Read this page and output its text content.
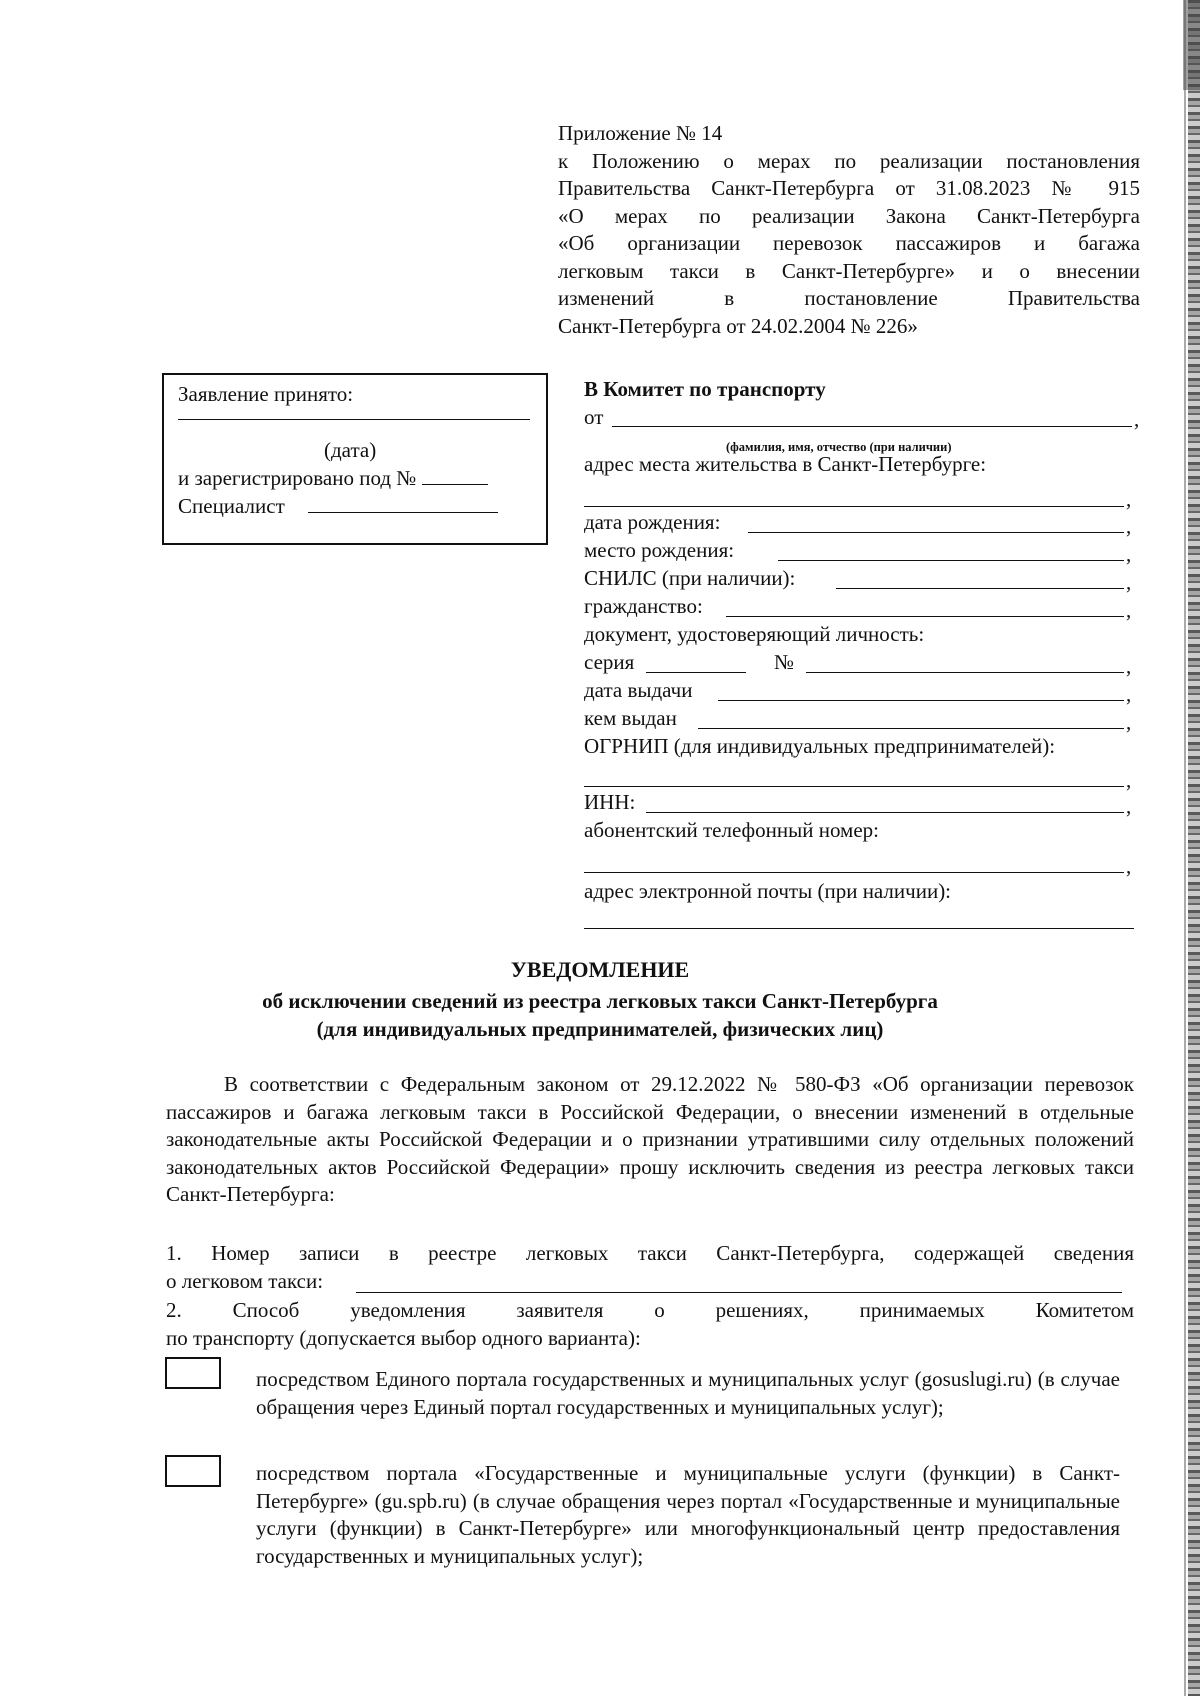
Приложение № 14

к Положению о мерах по реализации постановления

Правительства Санкт-Петербурга от 31.08.2023 № 915

«О мерах по реализации Закона Санкт-Петербурга

«Об организации перевозок пассажиров и багажа

легковым такси в Санкт-Петербурге» и о внесении

изменений в постановление Правительства

Санкт-Петербурга от 24.02.2004 № 226»

Заявление принято:
(дата)
и зарегистрировано под №
Специалист
В Комитет по транспорту
от	,
(фамилия, имя, отчество (при наличии)
адрес места жительства в Санкт-Петербурге:
,
дата рождения:	,
место рождения:	,
СНИЛС (при наличии):	,
гражданство:	,
документ, удостоверяющий личность:
серия	№	,
дата выдачи	,
кем выдан	,
ОГРНИП (для индивидуальных предпринимателей):
,
ИНН:	,
абонентский телефонный номер:
,
адрес электронной почты (при наличии):
УВЕДОМЛЕНИЕ
об исключении сведений из реестра легковых такси Санкт-Петербурга
(для индивидуальных предпринимателей, физических лиц)

В соответствии с Федеральным законом от 29.12.2022 № 580-ФЗ «Об организации перевозок пассажиров и багажа легковым такси в Российской Федерации, о внесении изменений в отдельные законодательные акты Российской Федерации и о признании утратившими силу отдельных положений законодательных актов Российской Федерации» прошу исключить сведения из реестра легковых такси Санкт-Петербурга:

1. Номер записи в реестре легковых такси Санкт-Петербурга, содержащей сведения

о легковом такси:

2. Способ уведомления заявителя о решениях, принимаемых Комитетом

по транспорту (допускается выбор одного варианта):

посредством Единого портала государственных и муниципальных услуг (gosuslugi.ru) (в случае обращения через Единый портал государственных и муниципальных услуг);

посредством портала «Государственные и муниципальные услуги (функции) в Санкт-Петербурге» (gu.spb.ru) (в случае обращения через портал «Государственные и муниципальные услуги (функции) в Санкт-Петербурге» или многофункциональный центр предоставления государственных и муниципальных услуг);
